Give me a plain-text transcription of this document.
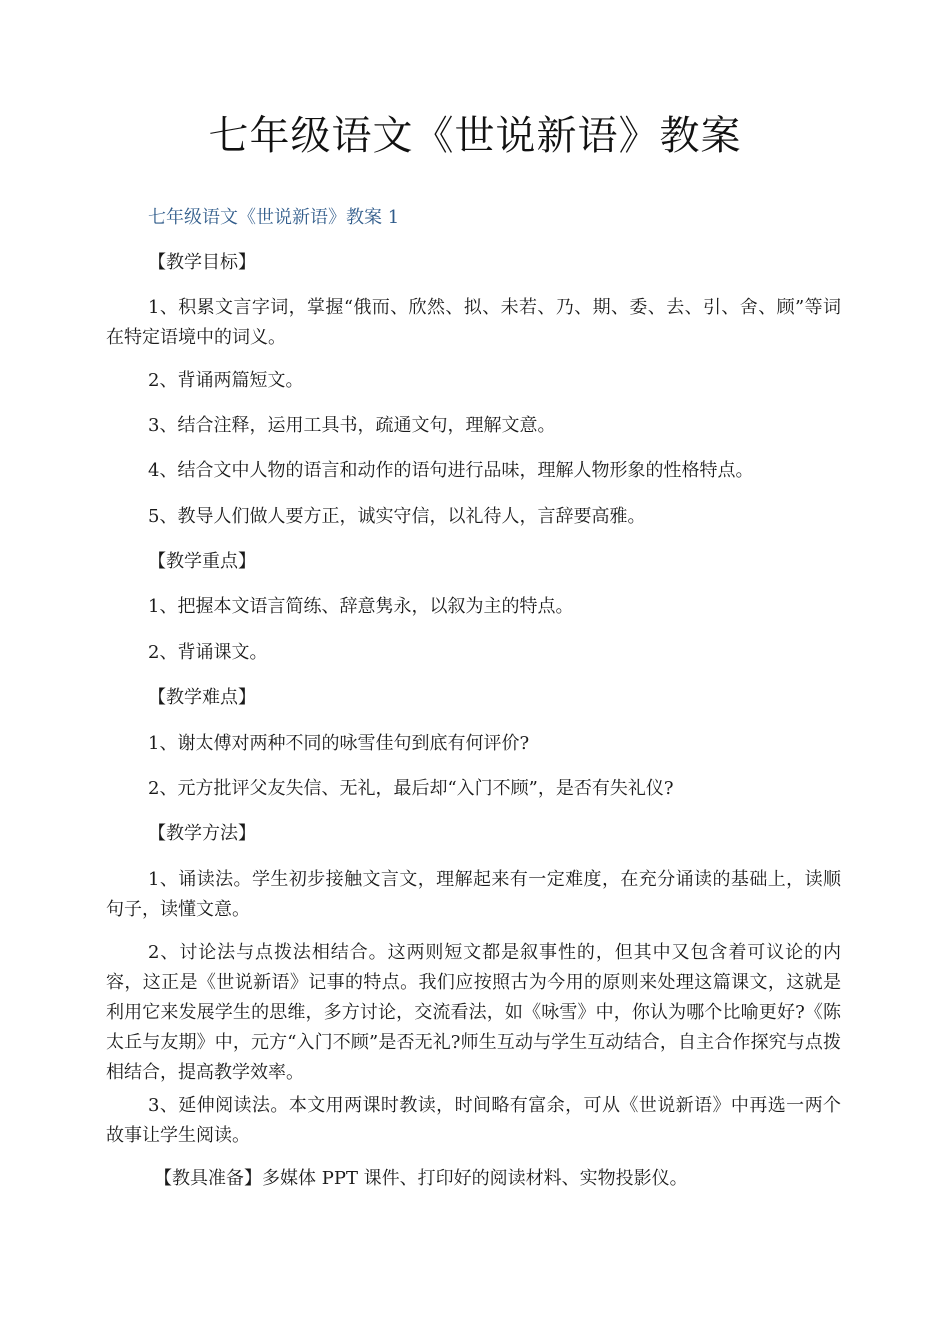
七年级语文《世说新语》教案
七年级语文《世说新语》教案 1
【教学目标】
1、积累文言字词，掌握“俄而、欣然、拟、未若、乃、期、委、去、引、舍、顾”等词在特定语境中的词义。
2、背诵两篇短文。
3、结合注释，运用工具书，疏通文句，理解文意。
4、结合文中人物的语言和动作的语句进行品味，理解人物形象的性格特点。
5、教导人们做人要方正，诚实守信，以礼待人，言辞要高雅。
【教学重点】
1、把握本文语言简练、辞意隽永，以叙为主的特点。
2、背诵课文。
【教学难点】
1、谢太傅对两种不同的咏雪佳句到底有何评价?
2、元方批评父友失信、无礼，最后却“入门不顾”，是否有失礼仪?
【教学方法】
1、诵读法。学生初步接触文言文，理解起来有一定难度，在充分诵读的基础上，读顺句子，读懂文意。
2、讨论法与点拨法相结合。这两则短文都是叙事性的，但其中又包含着可议论的内容，这正是《世说新语》记事的特点。我们应按照古为今用的原则来处理这篇课文，这就是利用它来发展学生的思维，多方讨论，交流看法，如《咏雪》中，你认为哪个比喻更好?《陈太丘与友期》中，元方“入门不顾”是否无礼?师生互动与学生互动结合，自主合作探究与点拨相结合，提高教学效率。
3、延伸阅读法。本文用两课时教读，时间略有富余，可从《世说新语》中再选一两个故事让学生阅读。
【教具准备】多媒体 PPT 课件、打印好的阅读材料、实物投影仪。
